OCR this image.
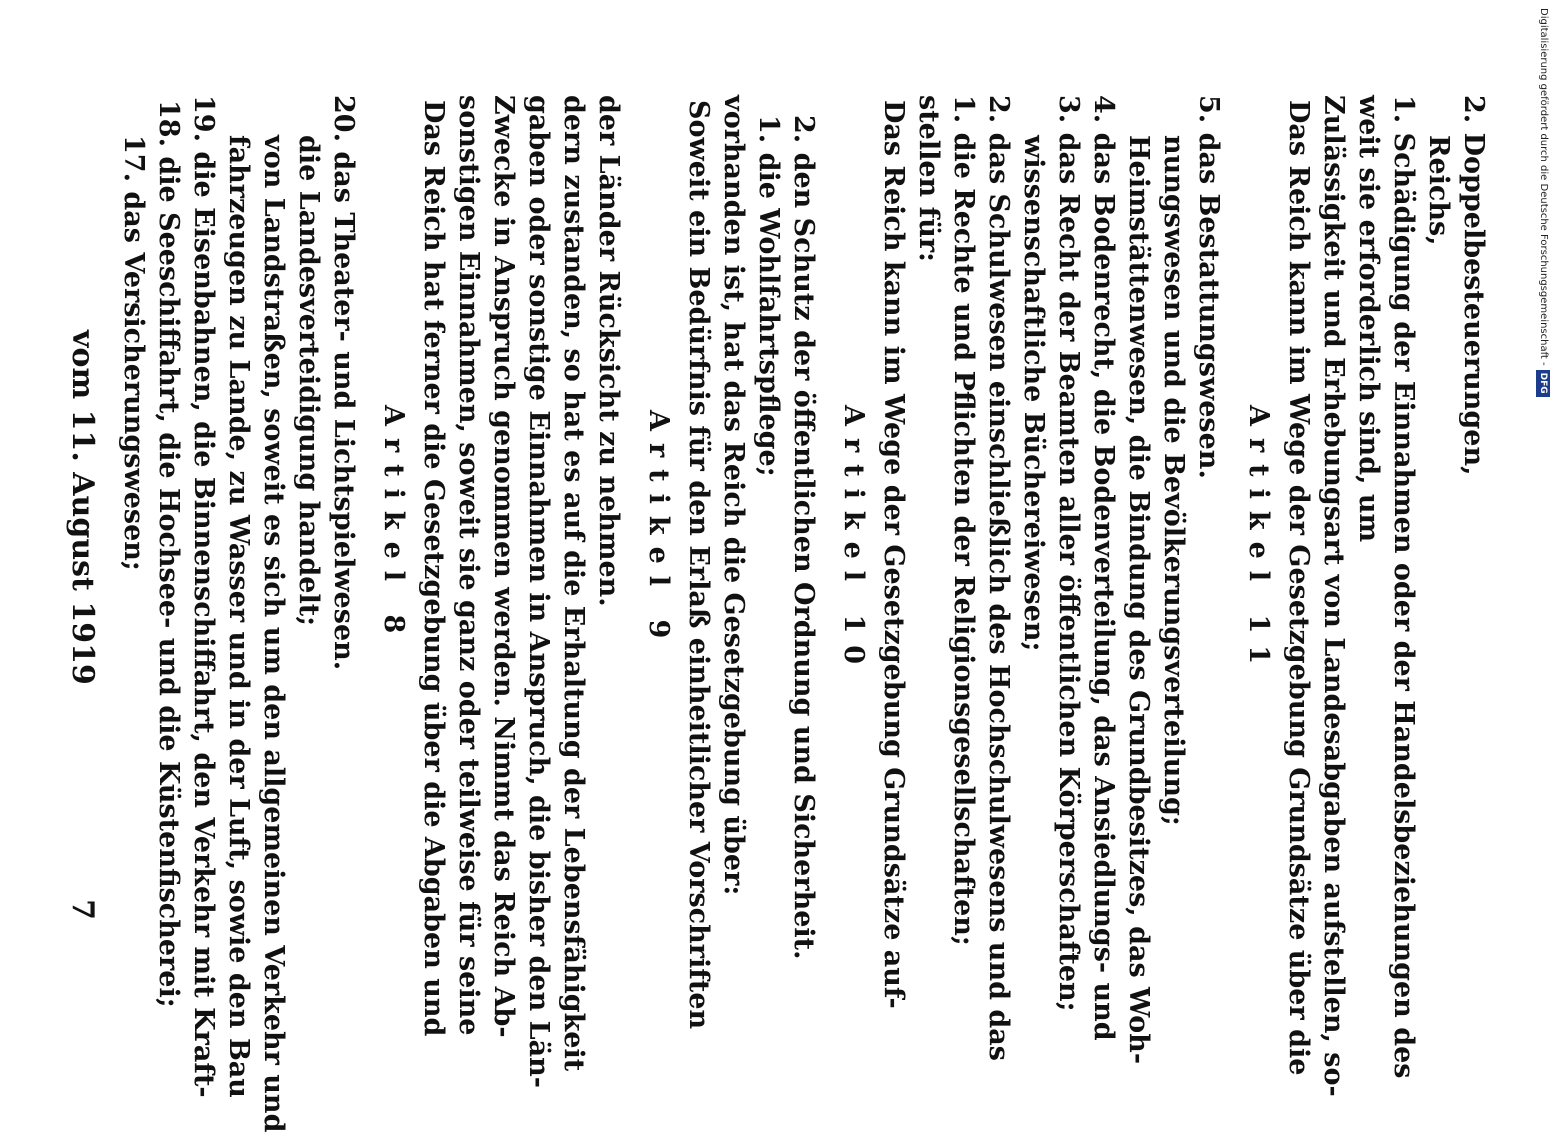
vom 11. August 1919
7
17. das Versicherungswesen; 18. die Seeschiffahrt, die Hochsee- und die Küstenfischerei; 19. die Eisenbahnen, die Binnenschiffahrt, den Verkehr mit Kraft- fahrzeugen zu Lande, zu Wasser und in der Luft, sowie den Bau von Landstraßen, soweit es sich um den allgemeinen Verkehr und die Landesverteidigung handelt; 20. das Theater- und Lichtspielwesen. Artikel 8 Das Reich hat ferner die Gesetzgebung über die Abgaben und sonstigen Einnahmen, soweit sie ganz oder teilweise für seine Zwecke in Anspruch genommen werden. Nimmt das Reich Ab- gaben oder sonstige Einnahmen in Anspruch, die bisher den Län- dern zustanden, so hat es auf die Erhaltung der Lebensfähigkeit der Länder Rücksicht zu nehmen. Artikel 9 Soweit ein Bedürfnis für den Erlaß einheitlicher Vorschriften vorhanden ist, hat das Reich die Gesetzgebung über: 1. die Wohlfahrtspflege; 2. den Schutz der öffentlichen Ordnung und Sicherheit. Artikel 10 Das Reich kann im Wege der Gesetzgebung Grundsätze auf- stellen für: 1. die Rechte und Pflichten der Religionsgesellschaften; 2. das Schulwesen einschließlich des Hochschulwesens und das wissenschaftliche Büchereiwesen; 3. das Recht der Beamten aller öffentlichen Körperschaften; 4. das Bodenrecht, die Bodenverteilung, das Ansiedlungs- und Heimstättenwesen, die Bindung des Grundbesitzes, das Woh- nungswesen und die Bevölkerungsverteilung; 5. das Bestattungswesen.
Artikel 11 Das Reich kann im Wege der Gesetzgebung Grundsätze über die Zulässigkeit und Erhebungsart von Landesabgaben aufstellen, so- weit sie erforderlich sind, um 1. Schädigung der Einnahmen oder der Handelsbeziehungen des Reichs, 2. Doppelbesteuerungen,	Digitalisierung gefördert durch die Deutsche Forschungsgemeinschaft -DFG
